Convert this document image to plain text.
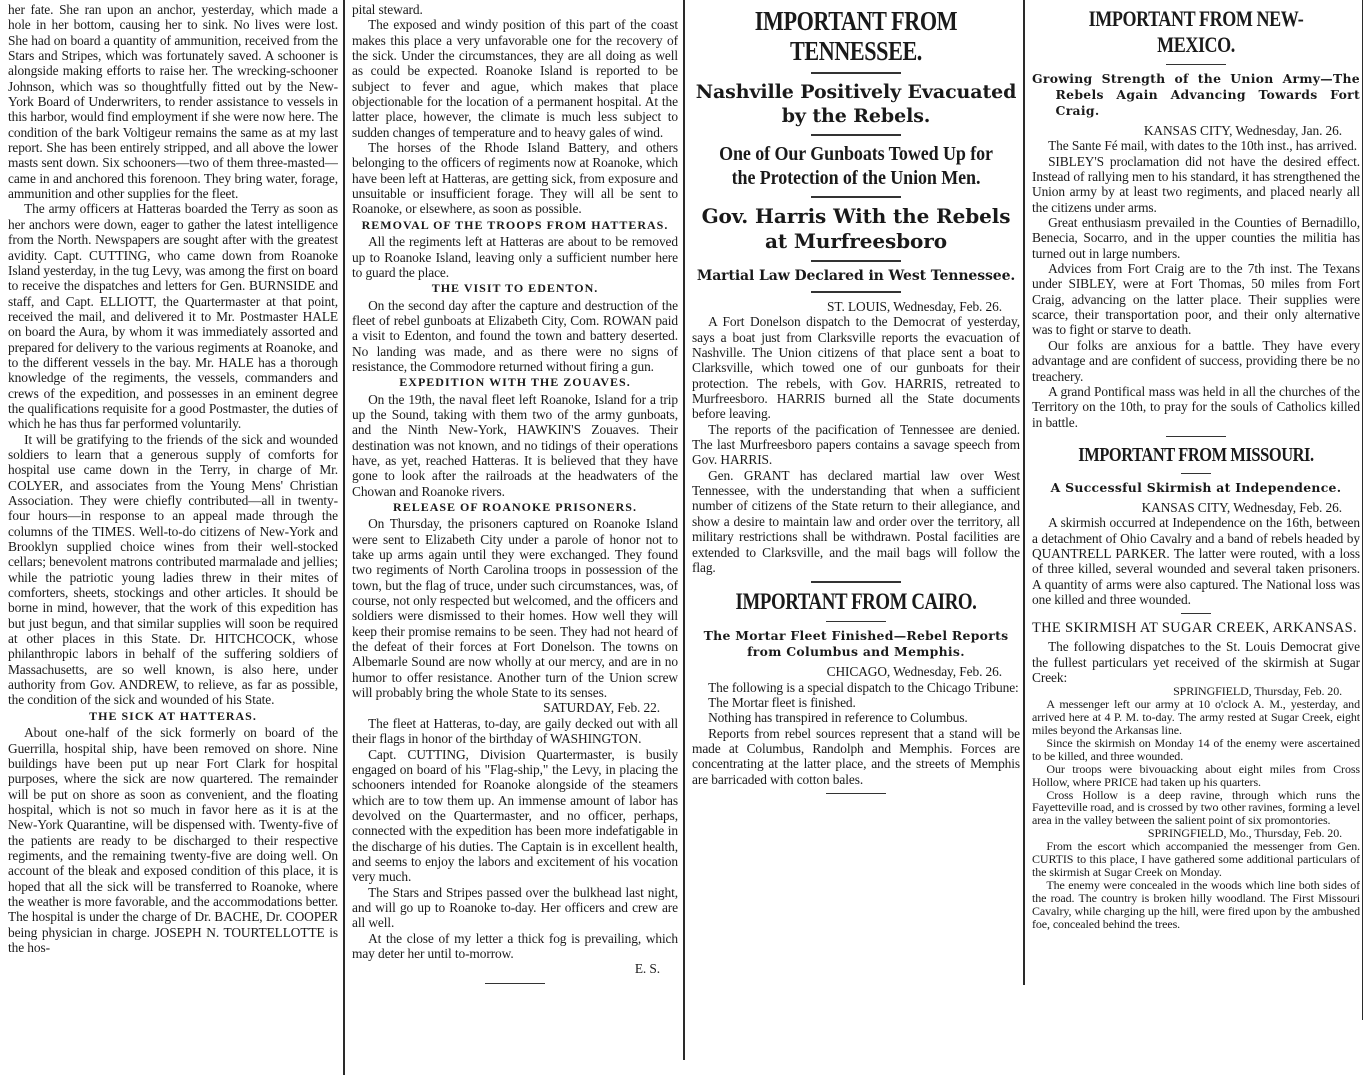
her fate. She ran upon an anchor, yesterday, which made a hole in her bottom, causing her to sink. No lives were lost. She had on board a quantity of ammunition, received from the Stars and Stripes, which was fortunately saved. A schooner is alongside making efforts to raise her. The wrecking-schooner Johnson, which was so thoughtfully fitted out by the New-York Board of Underwriters, to render assistance to vessels in this harbor, would find employment if she were now here. The condition of the bark Voltigeur remains the same as at my last report. She has been entirely stripped, and all above the lower masts sent down. Six schooners—two of them three-masted—came in and anchored this forenoon. They bring water, forage, ammunition and other supplies for the fleet.

The army officers at Hatteras boarded the Terry as soon as her anchors were down, eager to gather the latest intelligence from the North. Newspapers are sought after with the greatest avidity. Capt. CUTTING, who came down from Roanoke Island yesterday, in the tug Levy, was among the first on board to receive the dispatches and letters for Gen. BURNSIDE and staff, and Capt. ELLIOTT, the Quartermaster at that point, received the mail, and delivered it to Mr. Postmaster HALE on board the Aura, by whom it was immediately assorted and prepared for delivery to the various regiments at Roanoke, and to the different vessels in the bay. Mr. HALE has a thorough knowledge of the regiments, the vessels, commanders and crews of the expedition, and possesses in an eminent degree the qualifications requisite for a good Postmaster, the duties of which he has thus far performed voluntarily.

It will be gratifying to the friends of the sick and wounded soldiers to learn that a generous supply of comforts for hospital use came down in the Terry, in charge of Mr. COLYER, and associates from the Young Mens' Christian Association. They were chiefly contributed—all in twenty-four hours—in response to an appeal made through the columns of the TIMES. Well-to-do citizens of New-York and Brooklyn supplied choice wines from their well-stocked cellars; benevolent matrons contributed marmalade and jellies; while the patriotic young ladies threw in their mites of comforters, sheets, stockings and other articles. It should be borne in mind, however, that the work of this expedition has but just begun, and that similar supplies will soon be required at other places in this State. Dr. HITCHCOCK, whose philanthropic labors in behalf of the suffering soldiers of Massachusetts, are so well known, is also here, under authority from Gov. ANDREW, to relieve, as far as possible, the condition of the sick and wounded of his State.

THE SICK AT HATTERAS.

About one-half of the sick formerly on board of the Guerrilla, hospital ship, have been removed on shore. Nine buildings have been put up near Fort Clark for hospital purposes, where the sick are now quartered. The remainder will be put on shore as soon as convenient, and the floating hospital, which is not so much in favor here as it is at the New-York Quarantine, will be dispensed with. Twenty-five of the patients are ready to be discharged to their respective regiments, and the remaining twenty-five are doing well. On account of the bleak and exposed condition of this place, it is hoped that all the sick will be transferred to Roanoke, where the weather is more favorable, and the accommodations better. The hospital is under the charge of Dr. BACHE, Dr. COOPER being physician in charge. JOSEPH N. TOURTELLOTTE is the hos-

pital steward.

The exposed and windy position of this part of the coast makes this place a very unfavorable one for the recovery of the sick. Under the circumstances, they are all doing as well as could be expected. Roanoke Island is reported to be subject to fever and ague, which makes that place objectionable for the location of a permanent hospital. At the latter place, however, the climate is much less subject to sudden changes of temperature and to heavy gales of wind.

The horses of the Rhode Island Battery, and others belonging to the officers of regiments now at Roanoke, which have been left at Hatteras, are getting sick, from exposure and unsuitable or insufficient forage. They will all be sent to Roanoke, or elsewhere, as soon as possible.

REMOVAL OF THE TROOPS FROM HATTERAS.

All the regiments left at Hatteras are about to be removed up to Roanoke Island, leaving only a sufficient number here to guard the place.

THE VISIT TO EDENTON.

On the second day after the capture and destruction of the fleet of rebel gunboats at Elizabeth City, Com. ROWAN paid a visit to Edenton, and found the town and battery deserted. No landing was made, and as there were no signs of resistance, the Commodore returned without firing a gun.

EXPEDITION WITH THE ZOUAVES.

On the 19th, the naval fleet left Roanoke, Island for a trip up the Sound, taking with them two of the army gunboats, and the Ninth New-York, HAWKIN'S Zouaves. Their destination was not known, and no tidings of their operations have, as yet, reached Hatteras. It is believed that they have gone to look after the railroads at the headwaters of the Chowan and Roanoke rivers.

RELEASE OF ROANOKE PRISONERS.

On Thursday, the prisoners captured on Roanoke Island were sent to Elizabeth City under a parole of honor not to take up arms again until they were exchanged. They found two regiments of North Carolina troops in possession of the town, but the flag of truce, under such circumstances, was, of course, not only respected but welcomed, and the officers and soldiers were dismissed to their homes. How well they will keep their promise remains to be seen. They had not heard of the defeat of their forces at Fort Donelson. The towns on Albemarle Sound are now wholly at our mercy, and are in no humor to offer resistance. Another turn of the Union screw will probably bring the whole State to its senses.

SATURDAY, Feb. 22.

The fleet at Hatteras, to-day, are gaily decked out with all their flags in honor of the birthday of WASHINGTON.

Capt. CUTTING, Division Quartermaster, is busily engaged on board of his "Flag-ship," the Levy, in placing the schooners intended for Roanoke alongside of the steamers which are to tow them up. An immense amount of labor has devolved on the Quartermaster, and no officer, perhaps, connected with the expedition has been more indefatigable in the discharge of his duties. The Captain is in excellent health, and seems to enjoy the labors and excitement of his vocation very much.

The Stars and Stripes passed over the bulkhead last night, and will go up to Roanoke to-day. Her officers and crew are all well.

At the close of my letter a thick fog is prevailing, which may deter her until to-morrow.

E. S.

IMPORTANT FROM TENNESSEE.
Nashville Positively Evacuated by the Rebels.
One of Our Gunboats Towed Up for the Protection of the Union Men.
Gov. Harris With the Rebels at Murfreesboro
Martial Law Declared in West Tennessee.

ST. LOUIS, Wednesday, Feb. 26.

A Fort Donelson dispatch to the Democrat of yesterday, says a boat just from Clarksville reports the evacuation of Nashville. The Union citizens of that place sent a boat to Clarksville, which towed one of our gunboats for their protection. The rebels, with Gov. HARRIS, retreated to Murfreesboro. HARRIS burned all the State documents before leaving.

The reports of the pacification of Tennessee are denied. The last Murfreesboro papers contains a savage speech from Gov. HARRIS.

Gen. GRANT has declared martial law over West Tennessee, with the understanding that when a sufficient number of citizens of the State return to their allegiance, and show a desire to maintain law and order over the territory, all military restrictions shall be withdrawn. Postal facilities are extended to Clarksville, and the mail bags will follow the flag.

IMPORTANT FROM CAIRO.
The Mortar Fleet Finished—Rebel Reports from Columbus and Memphis.

CHICAGO, Wednesday, Feb. 26.

The following is a special dispatch to the Chicago Tribune:

The Mortar fleet is finished.

Nothing has transpired in reference to Columbus.

Reports from rebel sources represent that a stand will be made at Columbus, Randolph and Memphis. Forces are concentrating at the latter place, and the streets of Memphis are barricaded with cotton bales.

IMPORTANT FROM NEW-MEXICO.
Growing Strength of the Union Army—The Rebels Again Advancing Towards Fort Craig.

KANSAS CITY, Wednesday, Jan. 26.

The Sante Fé mail, with dates to the 10th inst., has arrived.

SIBLEY'S proclamation did not have the desired effect. Instead of rallying men to his standard, it has strengthened the Union army by at least two regiments, and placed nearly all the citizens under arms.

Great enthusiasm prevailed in the Counties of Bernadillo, Benecia, Socarro, and in the upper counties the militia has turned out in large numbers.

Advices from Fort Craig are to the 7th inst. The Texans under SIBLEY, were at Fort Thomas, 50 miles from Fort Craig, advancing on the latter place. Their supplies were scarce, their transportation poor, and their only alternative was to fight or starve to death.

Our folks are anxious for a battle. They have every advantage and are confident of success, providing there be no treachery.

A grand Pontifical mass was held in all the churches of the Territory on the 10th, to pray for the souls of Catholics killed in battle.

IMPORTANT FROM MISSOURI.
A Successful Skirmish at Independence.

KANSAS CITY, Wednesday, Feb. 26.

A skirmish occurred at Independence on the 16th, between a detachment of Ohio Cavalry and a band of rebels headed by QUANTRELL PARKER. The latter were routed, with a loss of three killed, several wounded and several taken prisoners. A quantity of arms were also captured. The National loss was one killed and three wounded.

THE SKIRMISH AT SUGAR CREEK, ARKANSAS.

The following dispatches to the St. Louis Democrat give the fullest particulars yet received of the skirmish at Sugar Creek:

SPRINGFIELD, Thursday, Feb. 20.

A messenger left our army at 10 o'clock A. M., yesterday, and arrived here at 4 P. M. to-day. The army rested at Sugar Creek, eight miles beyond the Arkansas line.

Since the skirmish on Monday 14 of the enemy were ascertained to be killed, and three wounded.

Our troops were bivouacking about eight miles from Cross Hollow, where PRICE had taken up his quarters.

Cross Hollow is a deep ravine, through which runs the Fayetteville road, and is crossed by two other ravines, forming a level area in the valley between the salient point of six promontories.

SPRINGFIELD, Mo., Thursday, Feb. 20.

From the escort which accompanied the messenger from Gen. CURTIS to this place, I have gathered some additional particulars of the skirmish at Sugar Creek on Monday.

The enemy were concealed in the woods which line both sides of the road. The country is broken hilly woodland. The First Missouri Cavalry, while charging up the hill, were fired upon by the ambushed foe, concealed behind the trees.
